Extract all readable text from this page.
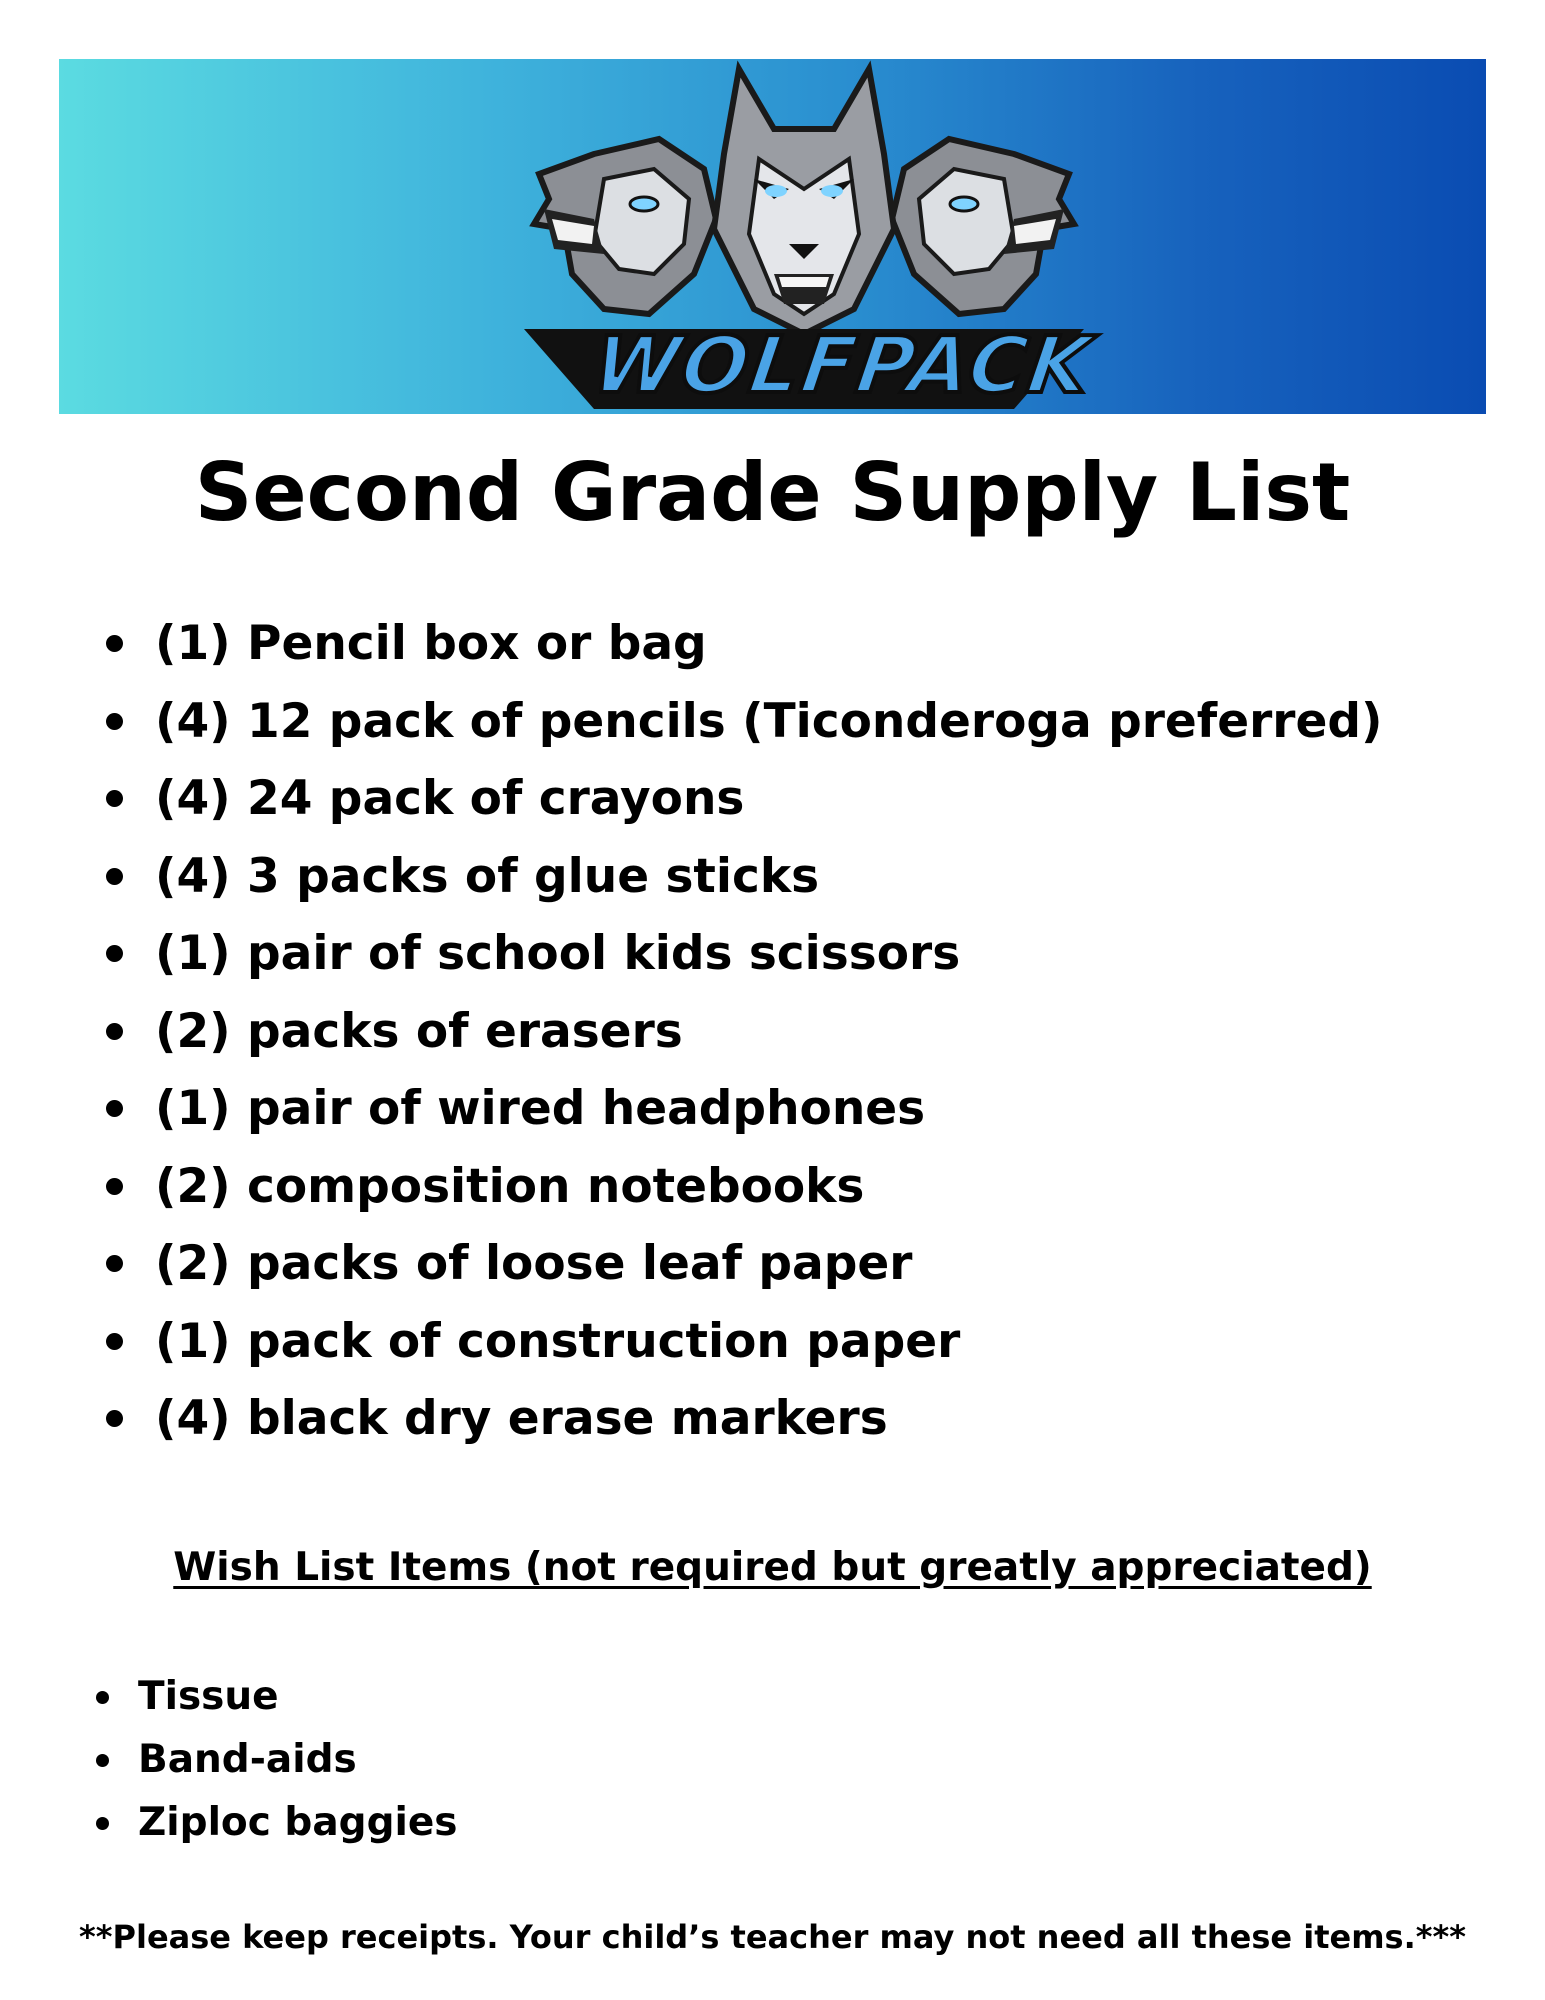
WOLFPACK
Second Grade Supply List
(1) Pencil box or bag
(4) 12 pack of pencils (Ticonderoga preferred)
(4) 24 pack of crayons
(4) 3 packs of glue sticks
(1) pair of school kids scissors
(2) packs of erasers
(1) pair of wired headphones
(2) composition notebooks
(2) packs of loose leaf paper
(1) pack of construction paper
(4) black dry erase markers
Wish List Items (not required but greatly appreciated)
Tissue
Band-aids
Ziploc baggies
**Please keep receipts. Your child’s teacher may not need all these items.***
